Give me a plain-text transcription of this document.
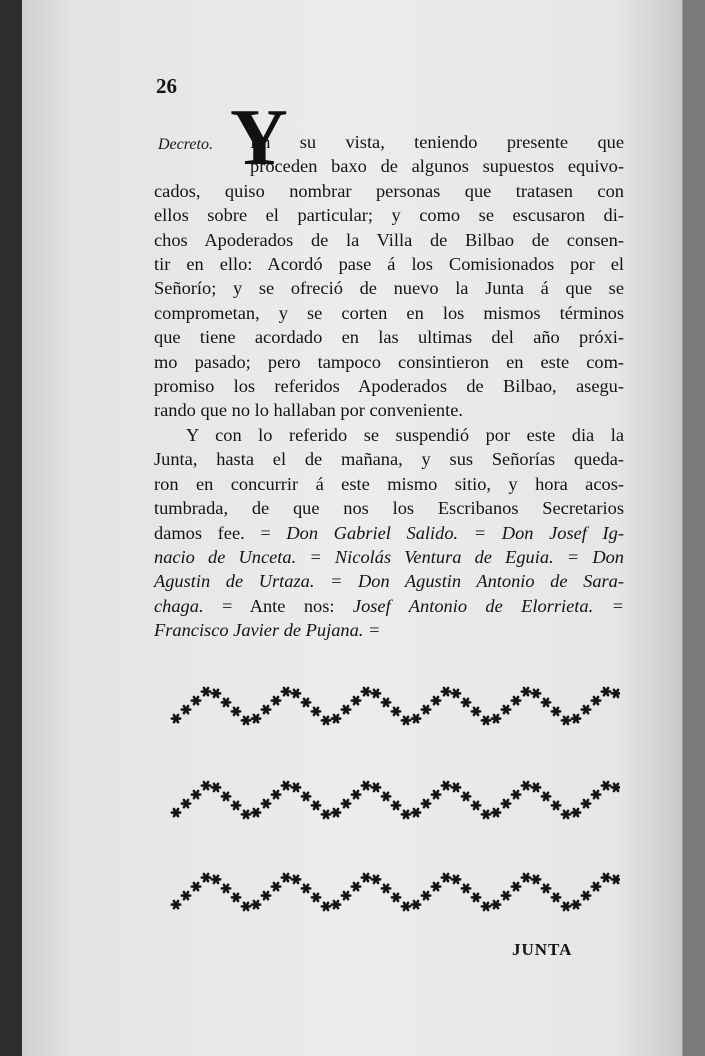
26
Decreto. Y
En su vista, teniendo presente que
proceden baxo de algunos supuestos equivo-
cados, quiso nombrar personas que tratasen con
ellos sobre el particular; y como se escusaron di-
chos Apoderados de la Villa de Bilbao de consen-
tir en ello: Acordó pase á los Comisionados por el
Señorío; y se ofreció de nuevo la Junta á que se
comprometan, y se corten en los mismos términos
que tiene acordado en las ultimas del año próxi-
mo pasado; pero tampoco consintieron en este com-
promiso los referidos Apoderados de Bilbao, asegu-
rando que no lo hallaban por conveniente.
Y con lo referido se suspendió por este dia la
Junta, hasta el de mañana, y sus Señorías queda-
ron en concurrir á este mismo sitio, y hora acos-
tumbrada, de que nos los Escribanos Secretarios
damos fee. = Don Gabriel Salido. = Don Josef Ig-
nacio de Unceta. = Nicolás Ventura de Eguia. = Don
Agustin de Urtaza. = Don Agustin Antonio de Sara-
chaga. = Ante nos: Josef Antonio de Elorrieta. =
Francisco Javier de Pujana. =
JUNTA
